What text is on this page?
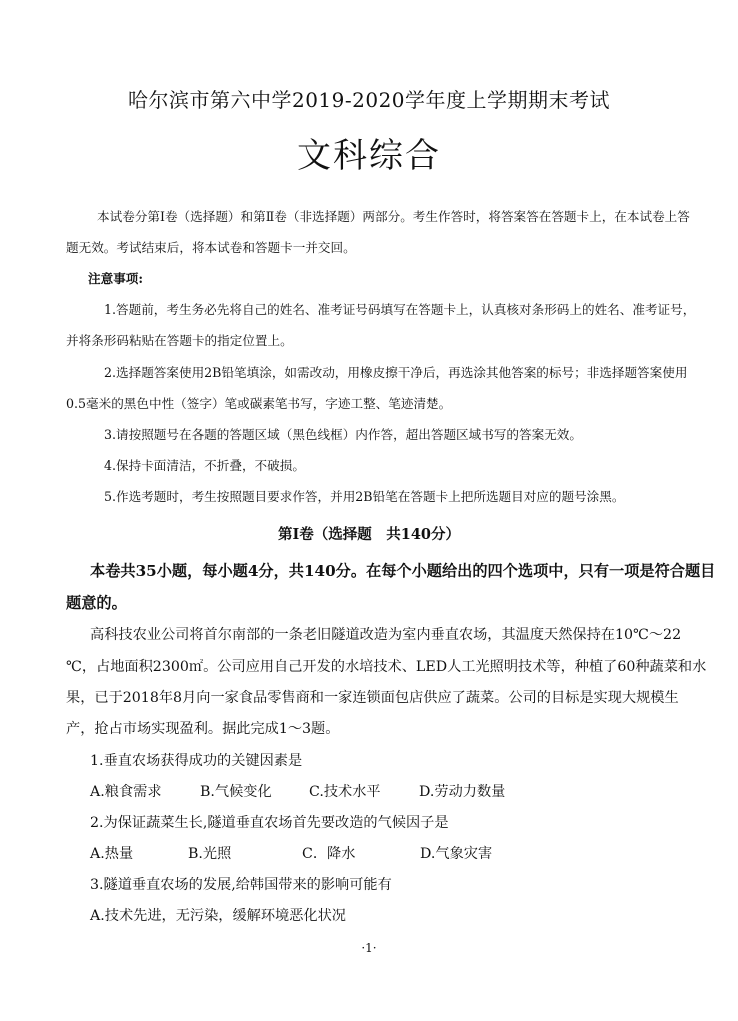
哈尔滨市第六中学2019-2020学年度上学期期末考试
文科综合
本试卷分第Ⅰ卷（选择题）和第Ⅱ卷（非选择题）两部分。考生作答时，将答案答在答题卡上，在本试卷上答
题无效。考试结束后，将本试卷和答题卡一并交回。
注意事项:
1.答题前，考生务必先将自己的姓名、准考证号码填写在答题卡上，认真核对条形码上的姓名、准考证号，
并将条形码粘贴在答题卡的指定位置上。
2.选择题答案使用2B铅笔填涂，如需改动，用橡皮擦干净后，再选涂其他答案的标号；非选择题答案使用
0.5毫米的黑色中性（签字）笔或碳素笔书写，字迹工整、笔迹清楚。
3.请按照题号在各题的答题区域（黑色线框）内作答，超出答题区域书写的答案无效。
4.保持卡面清洁，不折叠，不破损。
5.作选考题时，考生按照题目要求作答，并用2B铅笔在答题卡上把所选题目对应的题号涂黑。
第Ⅰ卷（选择题　共140分）
本卷共35小题，每小题4分，共140分。在每个小题给出的四个选项中，只有一项是符合题目
题意的。
高科技农业公司将首尔南部的一条老旧隧道改造为室内垂直农场，其温度天然保持在10℃～22
℃，占地面积2300㎡。公司应用自己开发的水培技术、LED人工光照明技术等，种植了60种蔬菜和水
果，已于2018年8月向一家食品零售商和一家连锁面包店供应了蔬菜。公司的目标是实现大规模生
产，抢占市场实现盈利。据此完成1～3题。
1.垂直农场获得成功的关键因素是
A.粮食需求	B.气候变化	C.技术水平	D.劳动力数量
2.为保证蔬菜生长,隧道垂直农场首先要改造的气候因子是
A.热量	B.光照	C．降水	D.气象灾害
3.隧道垂直农场的发展,给韩国带来的影响可能有
A.技术先进，无污染，缓解环境恶化状况
·1·
